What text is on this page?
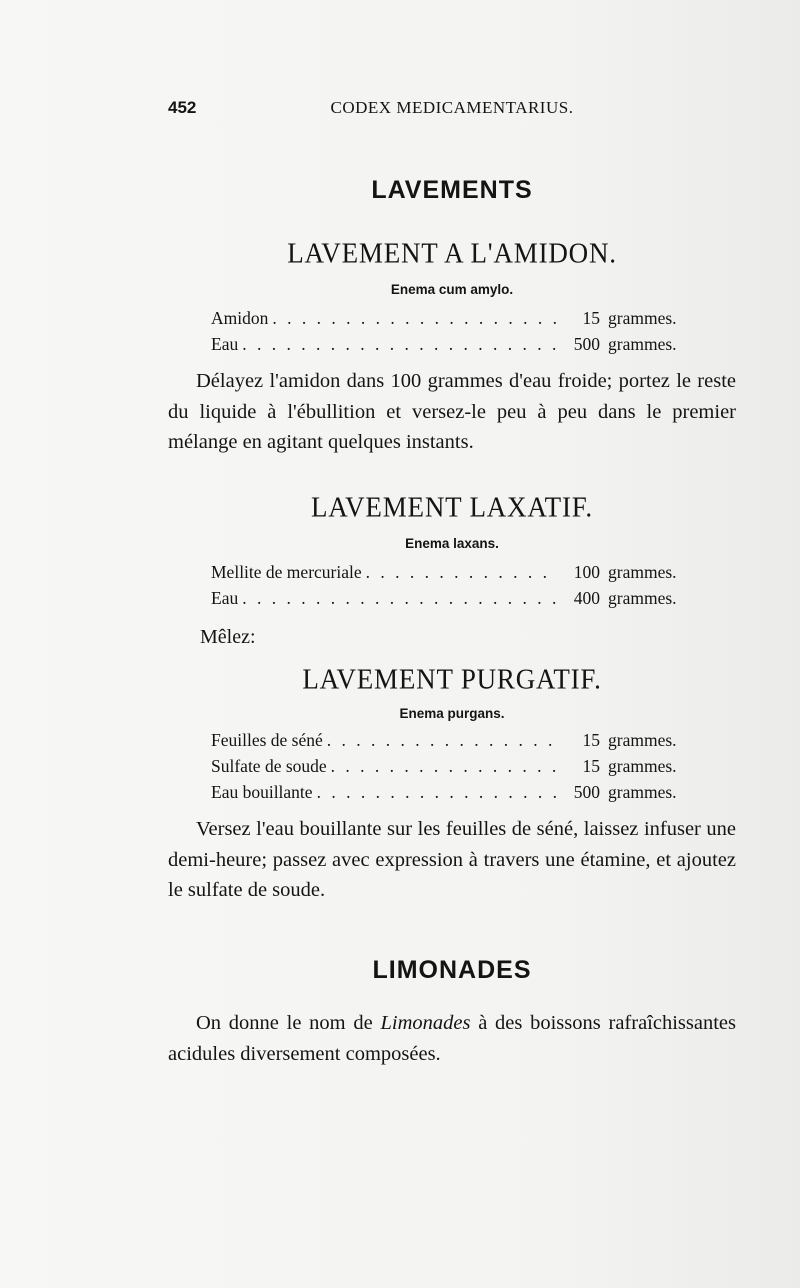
452	CODEX MEDICAMENTARIUS.
LAVEMENTS
LAVEMENT A L'AMIDON.
Enema cum amylo.
Amidon . . .	15 grammes.
Eau . . .	500 grammes.
Délayez l'amidon dans 100 grammes d'eau froide; portez le reste du liquide à l'ébullition et versez-le peu à peu dans le premier mélange en agitant quelques instants.
LAVEMENT LAXATIF.
Enema laxans.
Mellite de mercuriale . . .	100 grammes.
Eau . . .	400 grammes.
Mêlez:
LAVEMENT PURGATIF.
Enema purgans.
Feuilles de séné . . .	15 grammes.
Sulfate de soude . . .	15 grammes.
Eau bouillante . . .	500 grammes.
Versez l'eau bouillante sur les feuilles de séné, laissez infuser une demi-heure; passez avec expression à travers une étamine, et ajoutez le sulfate de soude.
LIMONADES
On donne le nom de Limonades à des boissons rafraîchissantes acidules diversement composées.
